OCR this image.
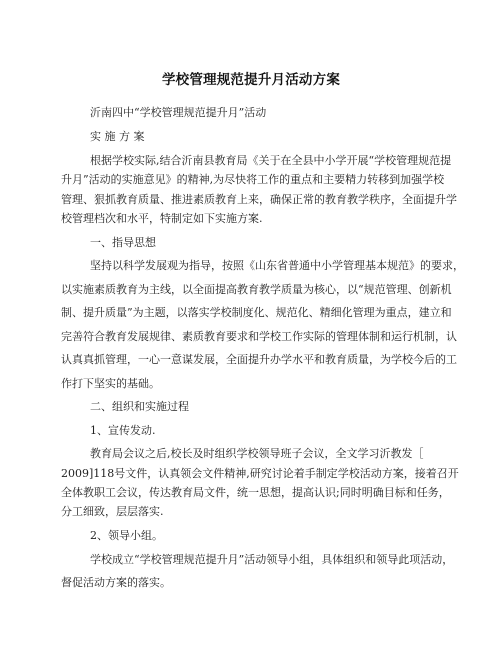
学校管理规范提升月活动方案
沂南四中“学校管理规范提升月”活动
实 施 方 案
根据学校实际,结合沂南县教育局《关于在全县中小学开展“学校管理规范提
升月”活动的实施意见》的精神,为尽快将工作的重点和主要精力转移到加强学校
管理、狠抓教育质量、推进素质教育上来，确保正常的教育教学秩序，全面提升学
校管理档次和水平，特制定如下实施方案.
一、指导思想
坚持以科学发展观为指导，按照《山东省普通中小学管理基本规范》的要求，
以实施素质教育为主线，以全面提高教育教学质量为核心，以“规范管理、创新机
制、提升质量”为主题，以落实学校制度化、规范化、精细化管理为重点，建立和
完善符合教育发展规律、素质教育要求和学校工作实际的管理体制和运行机制，认
认真真抓管理，一心一意谋发展，全面提升办学水平和教育质量，为学校今后的工
作打下坚实的基础。
二、组织和实施过程
1、宣传发动.
教育局会议之后,校长及时组织学校领导班子会议，全文学习沂教发［
2009]118号文件，认真领会文件精神,研究讨论着手制定学校活动方案，接着召开
全体教职工会议，传达教育局文件，统一思想，提高认识;同时明确目标和任务，
分工细致，层层落实.
2、领导小组。
学校成立“学校管理规范提升月”活动领导小组，具体组织和领导此项活动，
督促活动方案的落实。
